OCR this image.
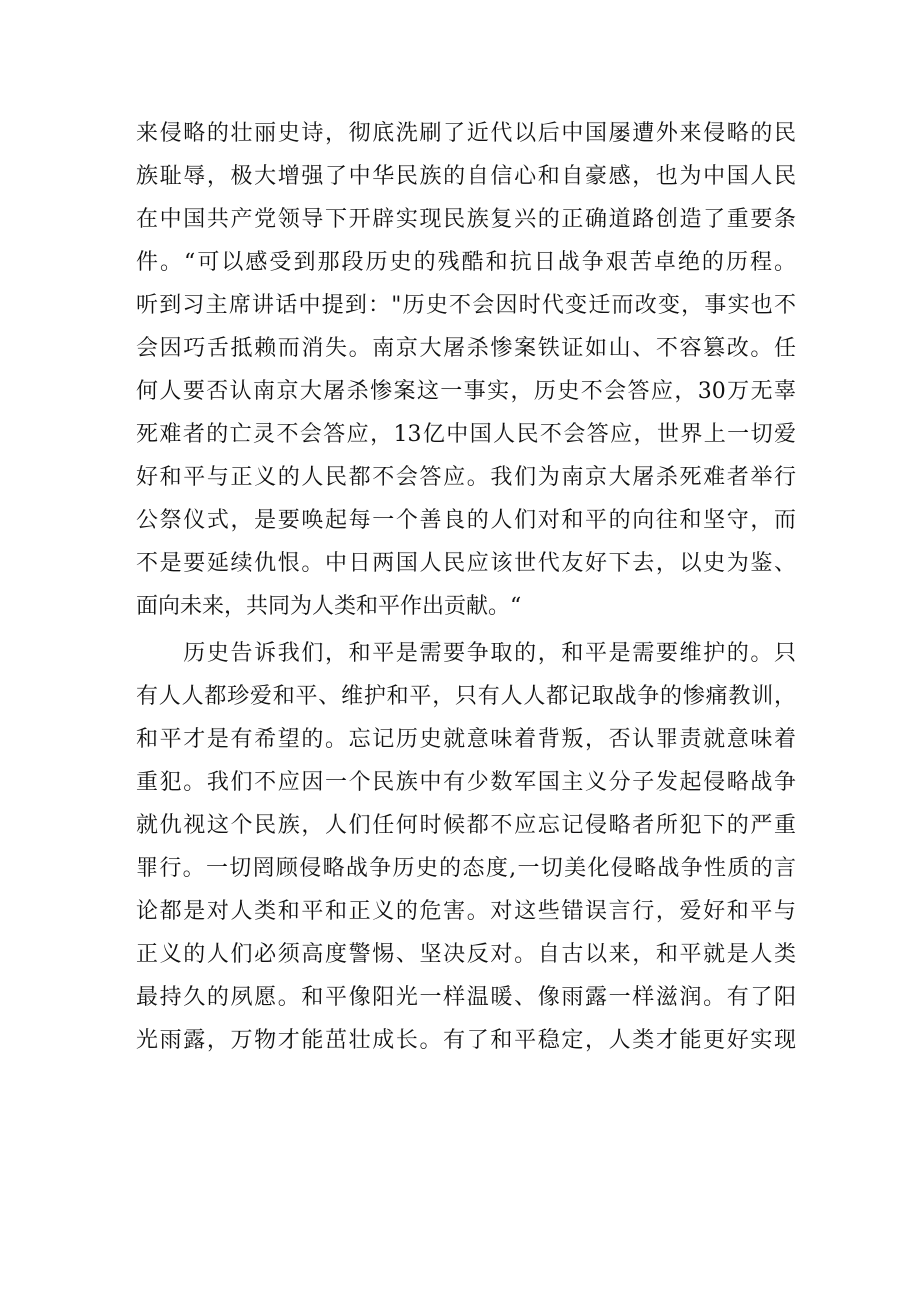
来侵略的壮丽史诗，彻底洗刷了近代以后中国屡遭外来侵略的民
族耻辱，极大增强了中华民族的自信心和自豪感，也为中国人民
在中国共产党领导下开辟实现民族复兴的正确道路创造了重要条
件。“可以感受到那段历史的残酷和抗日战争艰苦卓绝的历程。
听到习主席讲话中提到："历史不会因时代变迁而改变，事实也不
会因巧舌抵赖而消失。南京大屠杀惨案铁证如山、不容篡改。任
何人要否认南京大屠杀惨案这一事实，历史不会答应，30万无辜
死难者的亡灵不会答应，13亿中国人民不会答应，世界上一切爱
好和平与正义的人民都不会答应。我们为南京大屠杀死难者举行
公祭仪式，是要唤起每一个善良的人们对和平的向往和坚守，而
不是要延续仇恨。中日两国人民应该世代友好下去，以史为鉴、
面向未来，共同为人类和平作出贡献。“
　　历史告诉我们，和平是需要争取的，和平是需要维护的。只
有人人都珍爱和平、维护和平，只有人人都记取战争的惨痛教训，
和平才是有希望的。忘记历史就意味着背叛，否认罪责就意味着
重犯。我们不应因一个民族中有少数军国主义分子发起侵略战争
就仇视这个民族，人们任何时候都不应忘记侵略者所犯下的严重
罪行。一切罔顾侵略战争历史的态度,一切美化侵略战争性质的言
论都是对人类和平和正义的危害。对这些错误言行，爱好和平与
正义的人们必须高度警惕、坚决反对。自古以来，和平就是人类
最持久的夙愿。和平像阳光一样温暖、像雨露一样滋润。有了阳
光雨露，万物才能茁壮成长。有了和平稳定，人类才能更好实现
